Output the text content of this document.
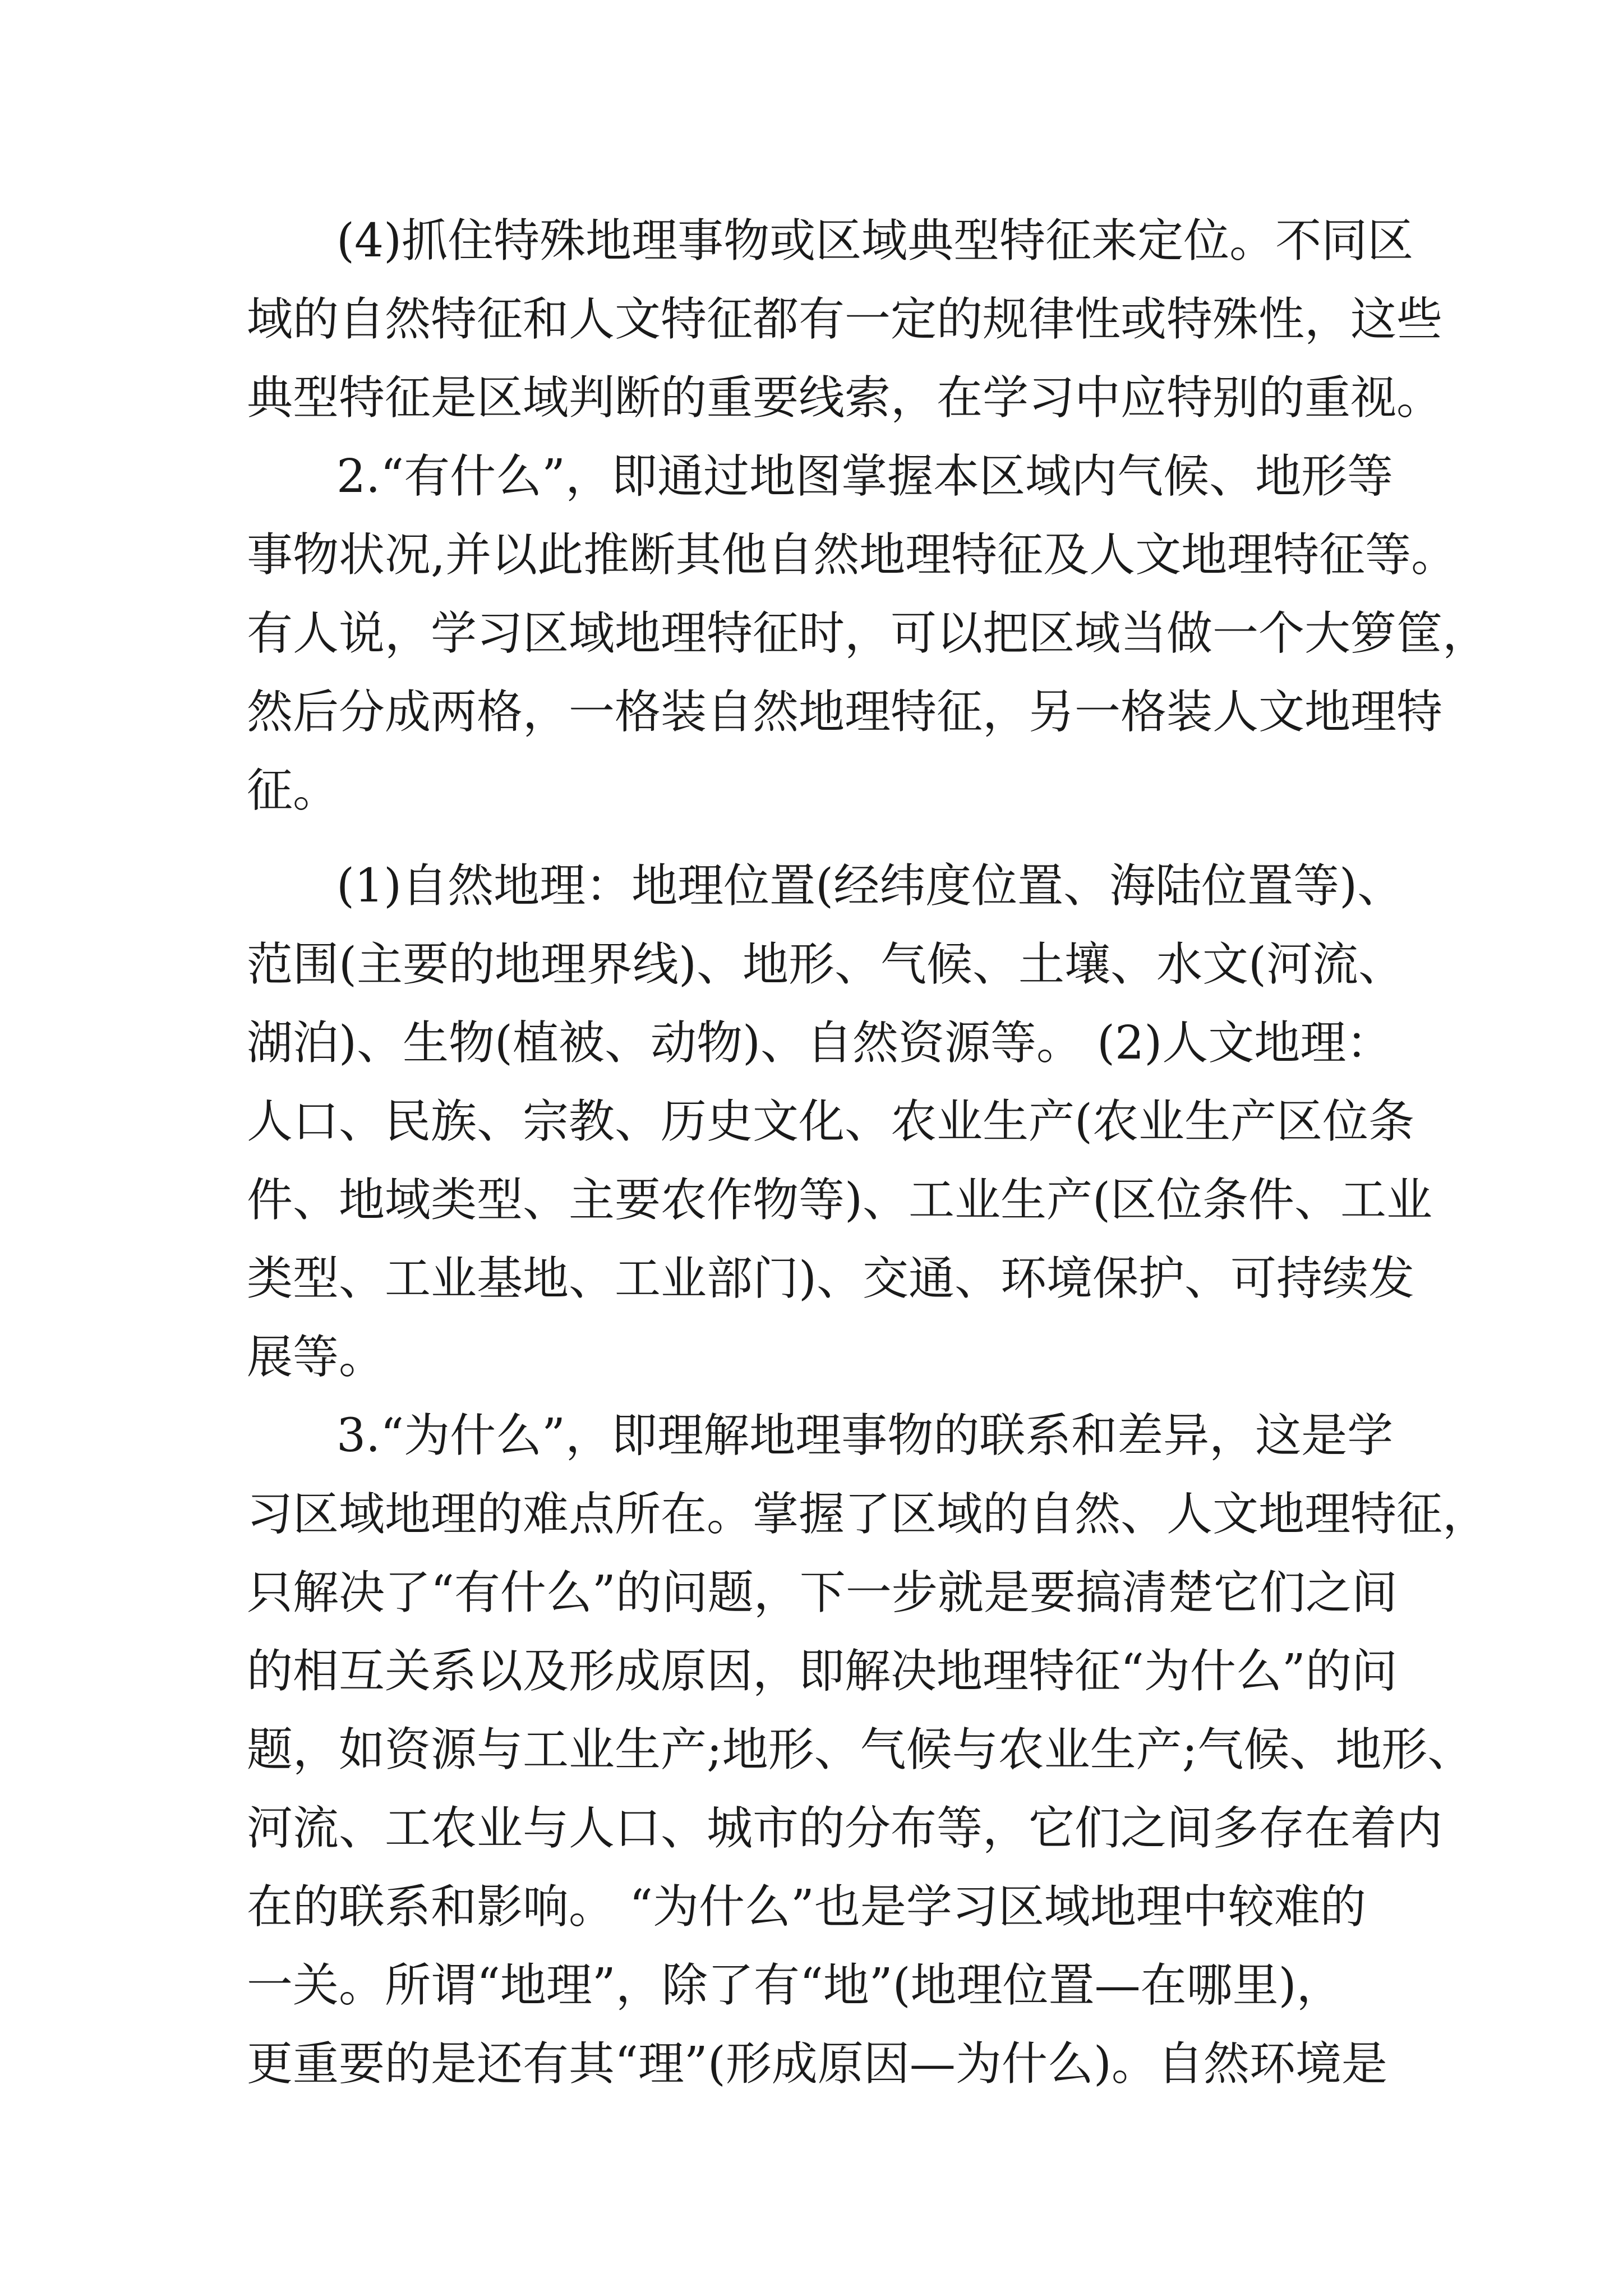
(4)抓住特殊地理事物或区域典型特征来定位。不同区
域的自然特征和人文特征都有一定的规律性或特殊性，这些
典型特征是区域判断的重要线索，在学习中应特别的重视。
2.“有什么”，即通过地图掌握本区域内气候、地形等
事物状况,并以此推断其他自然地理特征及人文地理特征等。
有人说，学习区域地理特征时，可以把区域当做一个大箩筐，
然后分成两格，一格装自然地理特征，另一格装人文地理特
征。
(1)自然地理：地理位置(经纬度位置、海陆位置等)、
范围(主要的地理界线)、地形、气候、土壤、水文(河流、
湖泊)、生物(植被、动物)、自然资源等。 (2)人文地理：
人口、民族、宗教、历史文化、农业生产(农业生产区位条
件、地域类型、主要农作物等)、工业生产(区位条件、工业
类型、工业基地、工业部门)、交通、环境保护、可持续发
展等。
3.“为什么”，即理解地理事物的联系和差异，这是学
习区域地理的难点所在。掌握了区域的自然、人文地理特征，
只解决了“有什么”的问题，下一步就是要搞清楚它们之间
的相互关系以及形成原因，即解决地理特征“为什么”的问
题，如资源与工业生产;地形、气候与农业生产;气候、地形、
河流、工农业与人口、城市的分布等，它们之间多存在着内
在的联系和影响。 “为什么”也是学习区域地理中较难的
一关。所谓“地理”，除了有“地”(地理位置—在哪里)，
更重要的是还有其“理”(形成原因—为什么)。自然环境是
